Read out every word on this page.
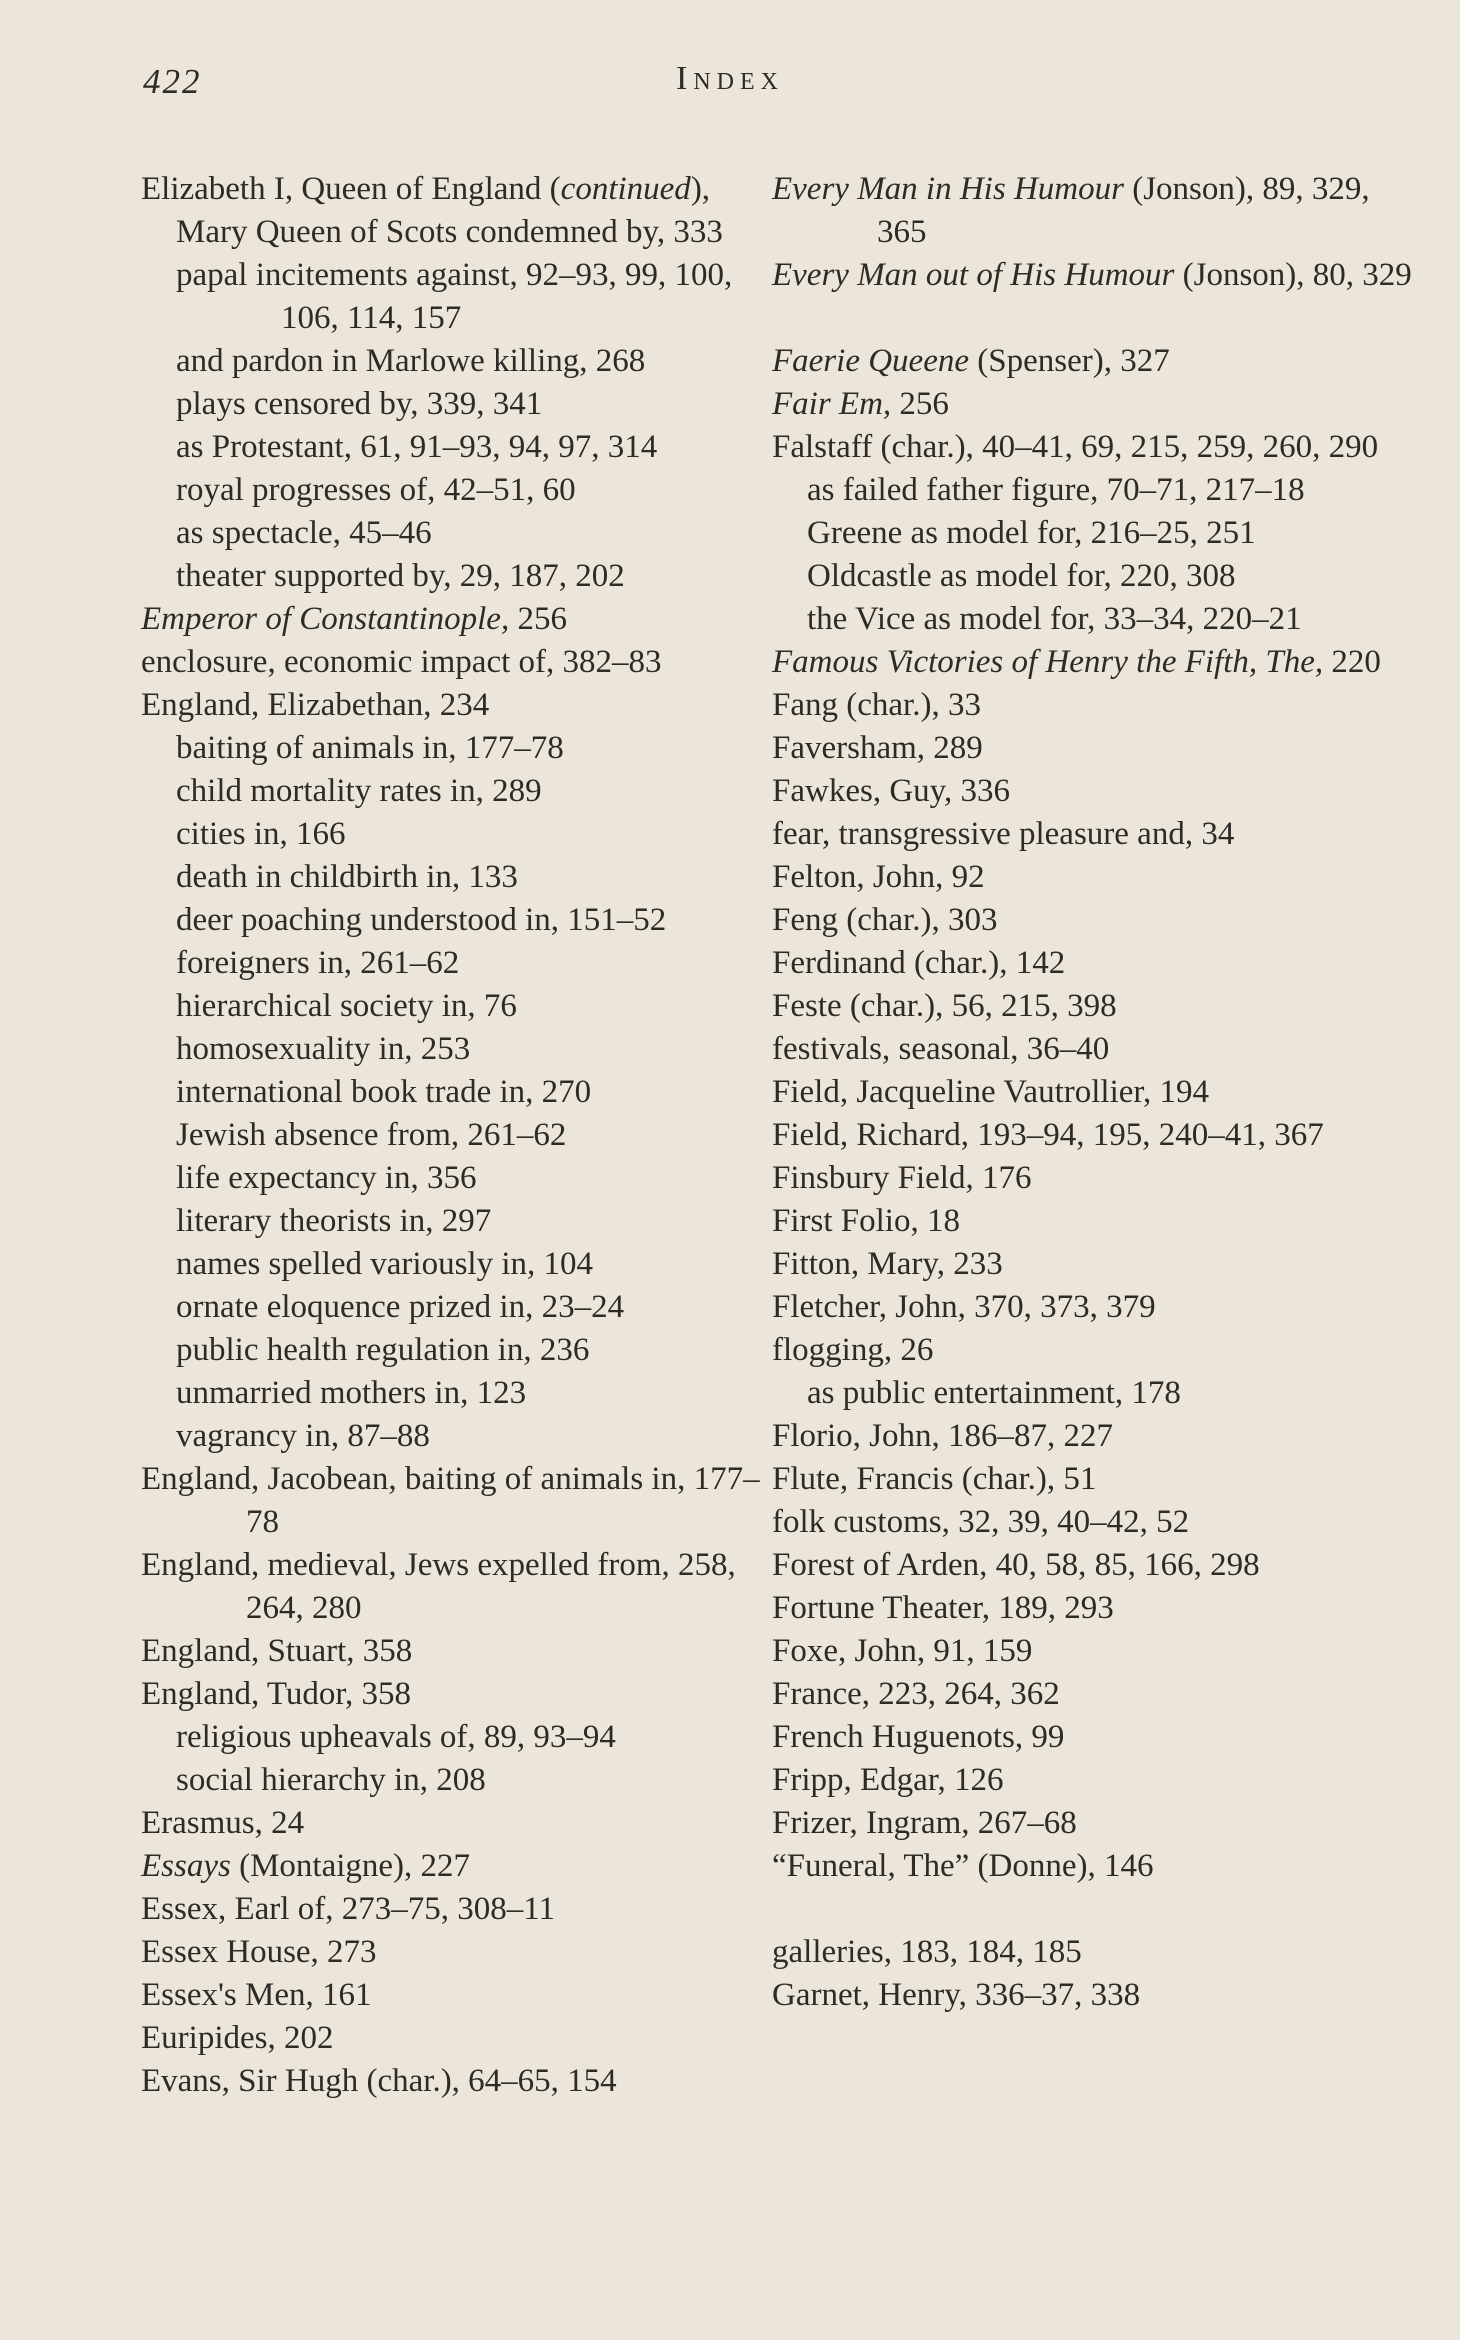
422	Index
Elizabeth I, Queen of England (continued),
Mary Queen of Scots condemned by, 333
papal incitements against, 92–93, 99, 100, 106, 114, 157
and pardon in Marlowe killing, 268
plays censored by, 339, 341
as Protestant, 61, 91–93, 94, 97, 314
royal progresses of, 42–51, 60
as spectacle, 45–46
theater supported by, 29, 187, 202
Emperor of Constantinople, 256
enclosure, economic impact of, 382–83
England, Elizabethan, 234
baiting of animals in, 177–78
child mortality rates in, 289
cities in, 166
death in childbirth in, 133
deer poaching understood in, 151–52
foreigners in, 261–62
hierarchical society in, 76
homosexuality in, 253
international book trade in, 270
Jewish absence from, 261–62
life expectancy in, 356
literary theorists in, 297
names spelled variously in, 104
ornate eloquence prized in, 23–24
public health regulation in, 236
unmarried mothers in, 123
vagrancy in, 87–88
England, Jacobean, baiting of animals in, 177–78
England, medieval, Jews expelled from, 258, 264, 280
England, Stuart, 358
England, Tudor, 358
religious upheavals of, 89, 93–94
social hierarchy in, 208
Erasmus, 24
Essays (Montaigne), 227
Essex, Earl of, 273–75, 308–11
Essex House, 273
Essex's Men, 161
Euripides, 202
Evans, Sir Hugh (char.), 64–65, 154
Every Man in His Humour (Jonson), 89, 329, 365
Every Man out of His Humour (Jonson), 80, 329
Faerie Queene (Spenser), 327
Fair Em, 256
Falstaff (char.), 40–41, 69, 215, 259, 260, 290
as failed father figure, 70–71, 217–18
Greene as model for, 216–25, 251
Oldcastle as model for, 220, 308
the Vice as model for, 33–34, 220–21
Famous Victories of Henry the Fifth, The, 220
Fang (char.), 33
Faversham, 289
Fawkes, Guy, 336
fear, transgressive pleasure and, 34
Felton, John, 92
Feng (char.), 303
Ferdinand (char.), 142
Feste (char.), 56, 215, 398
festivals, seasonal, 36–40
Field, Jacqueline Vautrollier, 194
Field, Richard, 193–94, 195, 240–41, 367
Finsbury Field, 176
First Folio, 18
Fitton, Mary, 233
Fletcher, John, 370, 373, 379
flogging, 26
as public entertainment, 178
Florio, John, 186–87, 227
Flute, Francis (char.), 51
folk customs, 32, 39, 40–42, 52
Forest of Arden, 40, 58, 85, 166, 298
Fortune Theater, 189, 293
Foxe, John, 91, 159
France, 223, 264, 362
French Huguenots, 99
Fripp, Edgar, 126
Frizer, Ingram, 267–68
“Funeral, The” (Donne), 146
galleries, 183, 184, 185
Garnet, Henry, 336–37, 338
